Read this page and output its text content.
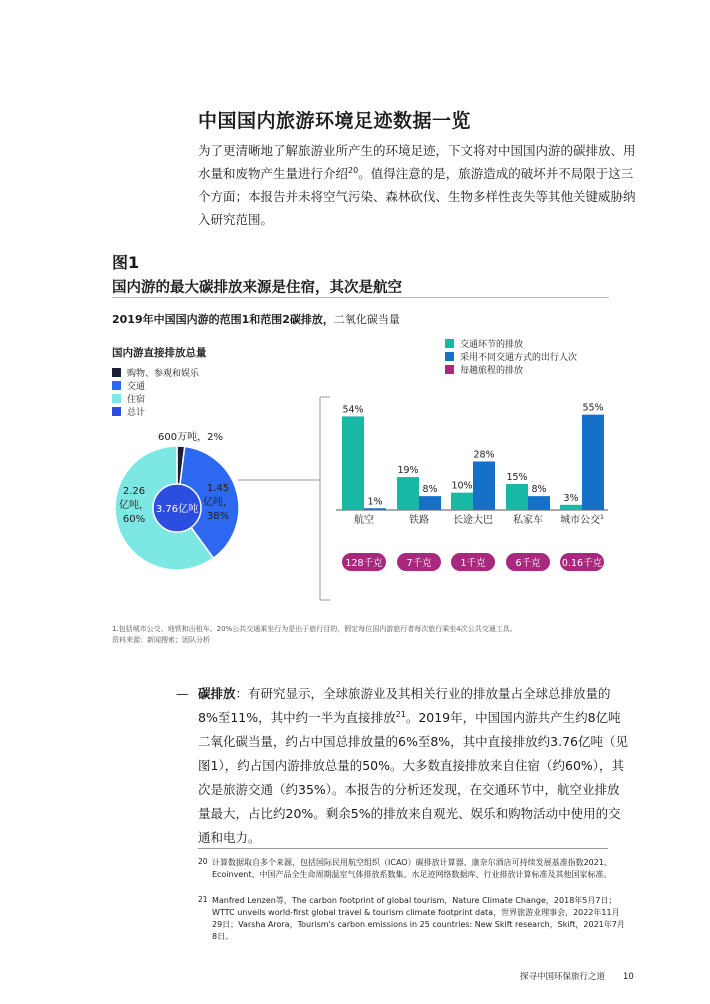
中国国内旅游环境足迹数据一览
为了更清晰地了解旅游业所产生的环境足迹，下文将对中国国内游的碳排放、用水量和废物产生量进行介绍$^{20}$。值得注意的是，旅游造成的破坏并不局限于这三个方面；本报告并未将空气污染、森林砍伐、生物多样性丧失等其他关键威胁纳入研究范围。
图1
国内游的最大碳排放来源是住宿，其次是航空
2019年中国国内游的范围1和范围2碳排放，二氧化碳当量
国内游直接排放总量
购物、参观和娱乐
交通
住宿
总计
交通环节的排放
采用不同交通方式的出行人次
每趟旅程的排放
3.76亿吨
600万吨，2%
1.45
亿吨，
38%
2.26
亿吨，
60%
54%
1%
航空
128千克
19%
8%
铁路
7千克
10%
28%
长途大巴
1千克
15%
8%
私家车
6千克
3%
55%
城市公交$^1$
0.16千克
1.包括城市公交、地铁和出租车。20%公共交通乘坐行为是出于旅行目的，假定每位国内游旅行者每次旅行乘坐4次公共交通工具。
资料来源：新闻搜索；团队分析
— 碳排放：有研究显示，全球旅游业及其相关行业的排放量占全球总排放量的8%至11%，其中约一半为直接排放$^{21}$。2019年，中国国内游共产生约8亿吨二氧化碳当量，约占中国总排放量的6%至8%，其中直接排放约3.76亿吨（见图1），约占国内游排放总量的50%。大多数直接排放来自住宿（约60%），其次是旅游交通（约35%）。本报告的分析还发现，在交通环节中，航空业排放量最大，占比约20%。剩余5%的排放来自观光、娱乐和购物活动中使用的交通和电力。
20 计算数据取自多个来源，包括国际民用航空组织（ICAO）碳排放计算器、康奈尔酒店可持续发展基准指数2021、Ecoinvent、中国产品全生命周期温室气体排放系数集、水足迹网络数据库、行业排放计算标准及其他国家标准。
21 Manfred Lenzen等，The carbon footprint of global tourism，Nature Climate Change，2018年5月7日；WTTC unveils world-first global travel & tourism climate footprint data，世界旅游业理事会，2022年11月29日；Varsha Arora，Tourism's carbon emissions in 25 countries: New Skift research，Skift，2021年7月8日。
探寻中国环保旅行之道 10
